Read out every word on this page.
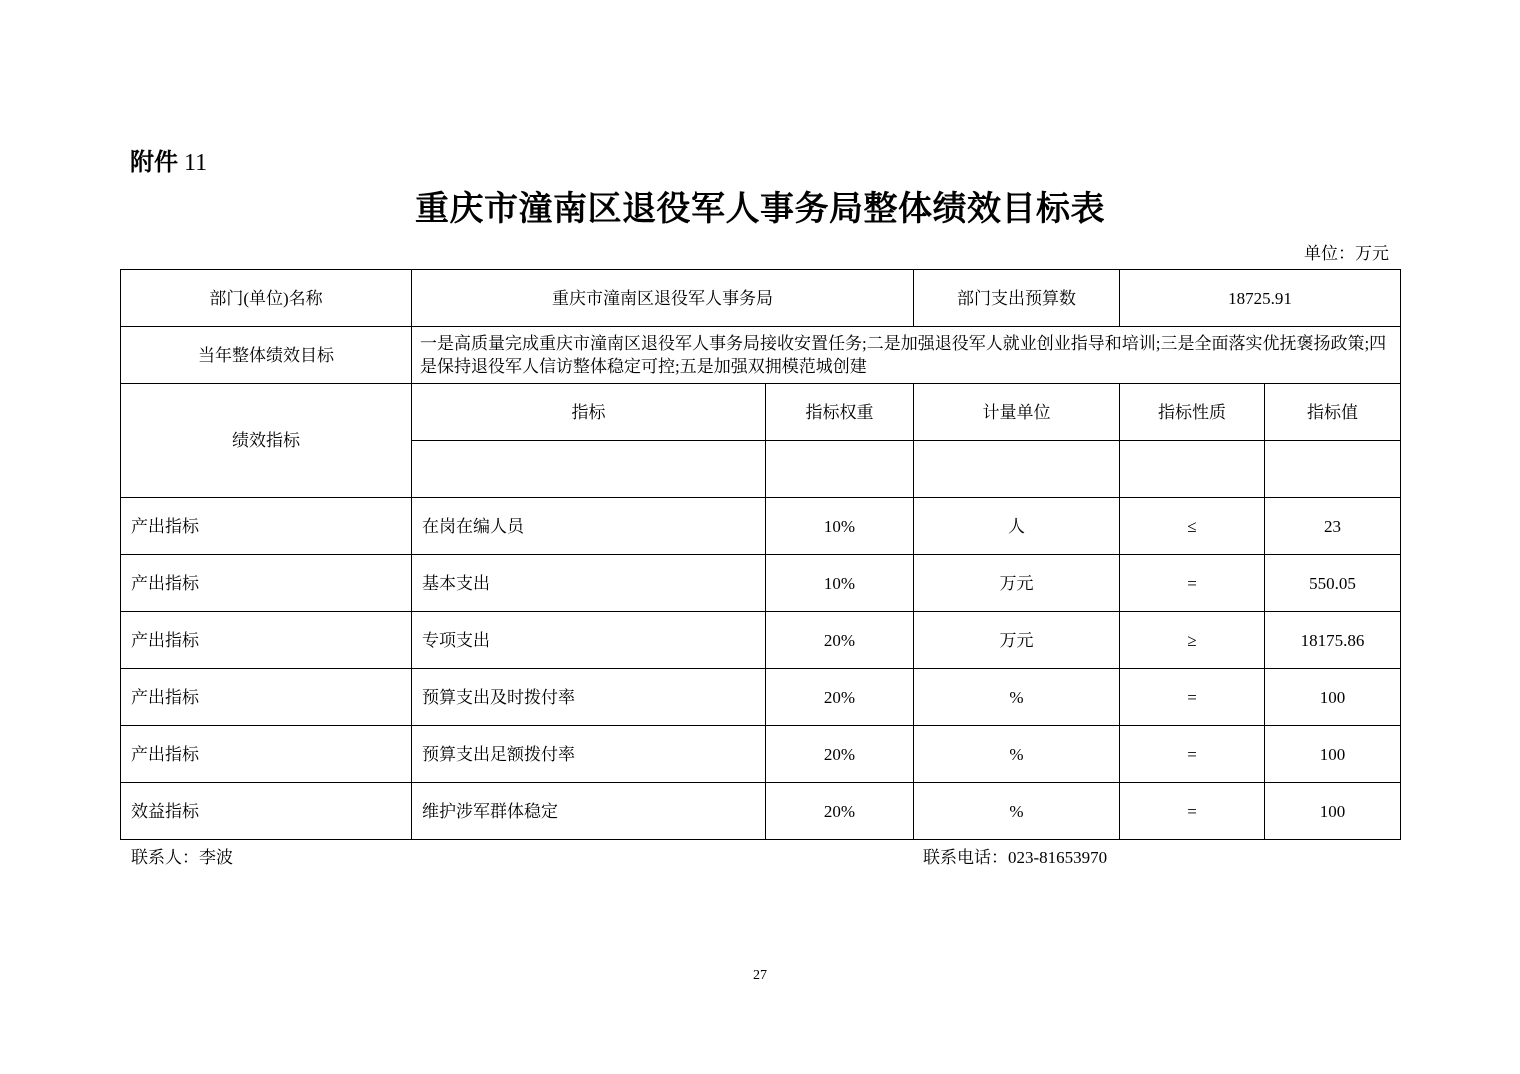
附件 11
重庆市潼南区退役军人事务局整体绩效目标表
单位：万元
部门(单位)名称	重庆市潼南区退役军人事务局		部门支出预算数	18725.91	
当年整体绩效目标	一是高质量完成重庆市潼南区退役军人事务局接收安置任务;二是加强退役军人就业创业指导和培训;三是全面落实优抚褒扬政策;四是保持退役军人信访整体稳定可控;五是加强双拥模范城创建				
绩效指标	指标	指标权重	计量单位	指标性质	指标值

产出指标	在岗在编人员	10%	人	≤	23
产出指标	基本支出	10%	万元	=	550.05
产出指标	专项支出	20%	万元	≥	18175.86
产出指标	预算支出及时拨付率	20%	%	=	100
产出指标	预算支出足额拨付率	20%	%	=	100
效益指标	维护涉军群体稳定	20%	%	=	100
联系人：李波	联系电话：023-81653970
27
